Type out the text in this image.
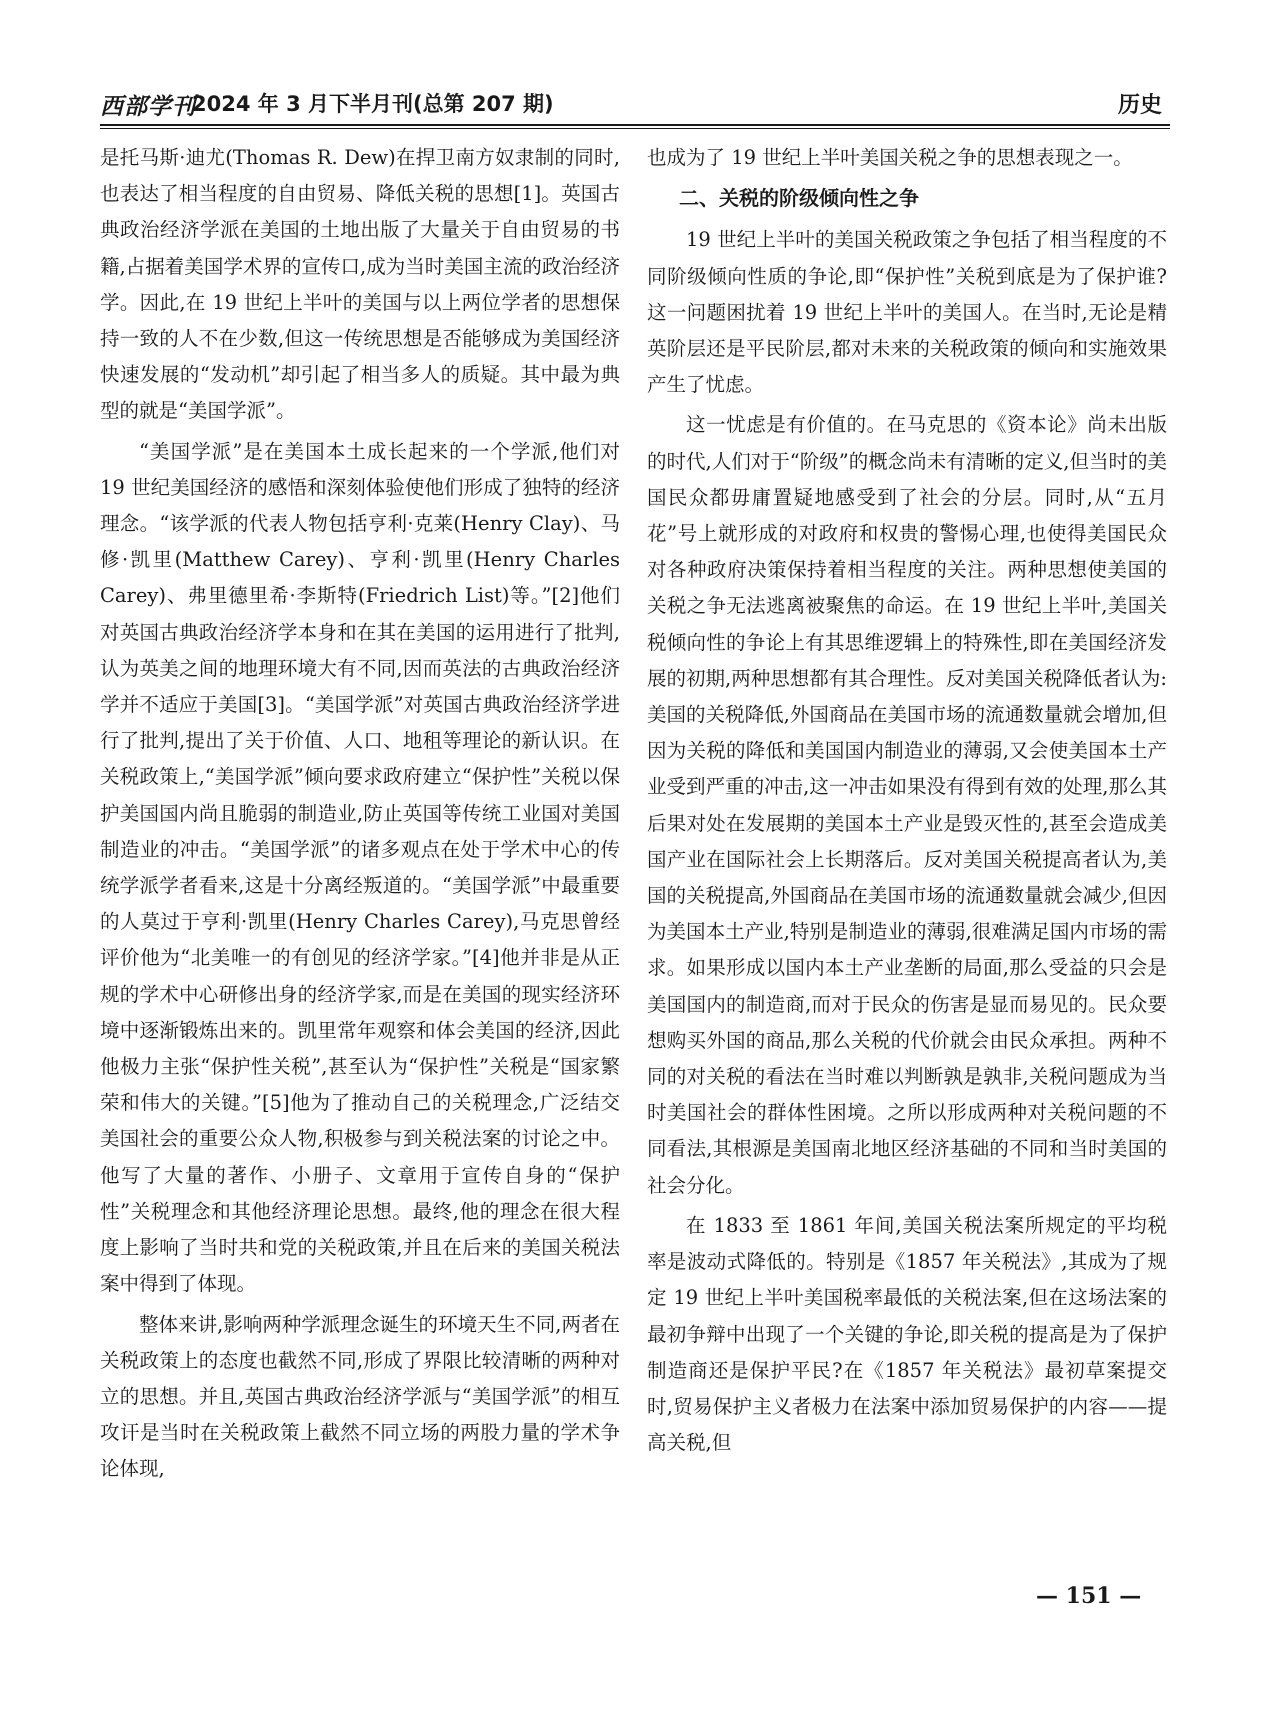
西部学刊
2024 年 3 月下半月刊(总第 207 期)	历史

是托马斯·迪尤(Thomas R. Dew)在捍卫南方奴隶制的同时,也表达了相当程度的自由贸易、降低关税的思想[1]。英国古典政治经济学派在美国的土地出版了大量关于自由贸易的书籍,占据着美国学术界的宣传口,成为当时美国主流的政治经济学。因此,在 19 世纪上半叶的美国与以上两位学者的思想保持一致的人不在少数,但这一传统思想是否能够成为美国经济快速发展的“发动机”却引起了相当多人的质疑。其中最为典型的就是“美国学派”。

“美国学派”是在美国本土成长起来的一个学派,他们对 19 世纪美国经济的感悟和深刻体验使他们形成了独特的经济理念。“该学派的代表人物包括亨利·克莱(Henry Clay)、马修·凯里(Matthew Carey)、亨利·凯里(Henry Charles Carey)、弗里德里希·李斯特(Friedrich List)等。”[2]他们对英国古典政治经济学本身和在其在美国的运用进行了批判,认为英美之间的地理环境大有不同,因而英法的古典政治经济学并不适应于美国[3]。“美国学派”对英国古典政治经济学进行了批判,提出了关于价值、人口、地租等理论的新认识。在关税政策上,“美国学派”倾向要求政府建立“保护性”关税以保护美国国内尚且脆弱的制造业,防止英国等传统工业国对美国制造业的冲击。“美国学派”的诸多观点在处于学术中心的传统学派学者看来,这是十分离经叛道的。“美国学派”中最重要的人莫过于亨利·凯里(Henry Charles Carey),马克思曾经评价他为“北美唯一的有创见的经济学家。”[4]他并非是从正规的学术中心研修出身的经济学家,而是在美国的现实经济环境中逐渐锻炼出来的。凯里常年观察和体会美国的经济,因此他极力主张“保护性关税”,甚至认为“保护性”关税是“国家繁荣和伟大的关键。”[5]他为了推动自己的关税理念,广泛结交美国社会的重要公众人物,积极参与到关税法案的讨论之中。他写了大量的著作、小册子、文章用于宣传自身的“保护性”关税理念和其他经济理论思想。最终,他的理念在很大程度上影响了当时共和党的关税政策,并且在后来的美国关税法案中得到了体现。

整体来讲,影响两种学派理念诞生的环境天生不同,两者在关税政策上的态度也截然不同,形成了界限比较清晰的两种对立的思想。并且,英国古典政治经济学派与“美国学派”的相互攻讦是当时在关税政策上截然不同立场的两股力量的学术争论体现,

也成为了 19 世纪上半叶美国关税之争的思想表现之一。

二、关税的阶级倾向性之争

19 世纪上半叶的美国关税政策之争包括了相当程度的不同阶级倾向性质的争论,即“保护性”关税到底是为了保护谁?这一问题困扰着 19 世纪上半叶的美国人。在当时,无论是精英阶层还是平民阶层,都对未来的关税政策的倾向和实施效果产生了忧虑。

这一忧虑是有价值的。在马克思的《资本论》尚未出版的时代,人们对于“阶级”的概念尚未有清晰的定义,但当时的美国民众都毋庸置疑地感受到了社会的分层。同时,从“五月花”号上就形成的对政府和权贵的警惕心理,也使得美国民众对各种政府决策保持着相当程度的关注。两种思想使美国的关税之争无法逃离被聚焦的命运。在 19 世纪上半叶,美国关税倾向性的争论上有其思维逻辑上的特殊性,即在美国经济发展的初期,两种思想都有其合理性。反对美国关税降低者认为:美国的关税降低,外国商品在美国市场的流通数量就会增加,但因为关税的降低和美国国内制造业的薄弱,又会使美国本土产业受到严重的冲击,这一冲击如果没有得到有效的处理,那么其后果对处在发展期的美国本土产业是毁灭性的,甚至会造成美国产业在国际社会上长期落后。反对美国关税提高者认为,美国的关税提高,外国商品在美国市场的流通数量就会减少,但因为美国本土产业,特别是制造业的薄弱,很难满足国内市场的需求。如果形成以国内本土产业垄断的局面,那么受益的只会是美国国内的制造商,而对于民众的伤害是显而易见的。民众要想购买外国的商品,那么关税的代价就会由民众承担。两种不同的对关税的看法在当时难以判断孰是孰非,关税问题成为当时美国社会的群体性困境。之所以形成两种对关税问题的不同看法,其根源是美国南北地区经济基础的不同和当时美国的社会分化。

在 1833 至 1861 年间,美国关税法案所规定的平均税率是波动式降低的。特别是《1857 年关税法》,其成为了规定 19 世纪上半叶美国税率最低的关税法案,但在这场法案的最初争辩中出现了一个关键的争论,即关税的提高是为了保护制造商还是保护平民?在《1857 年关税法》最初草案提交时,贸易保护主义者极力在法案中添加贸易保护的内容——提高关税,但

— 151 —
